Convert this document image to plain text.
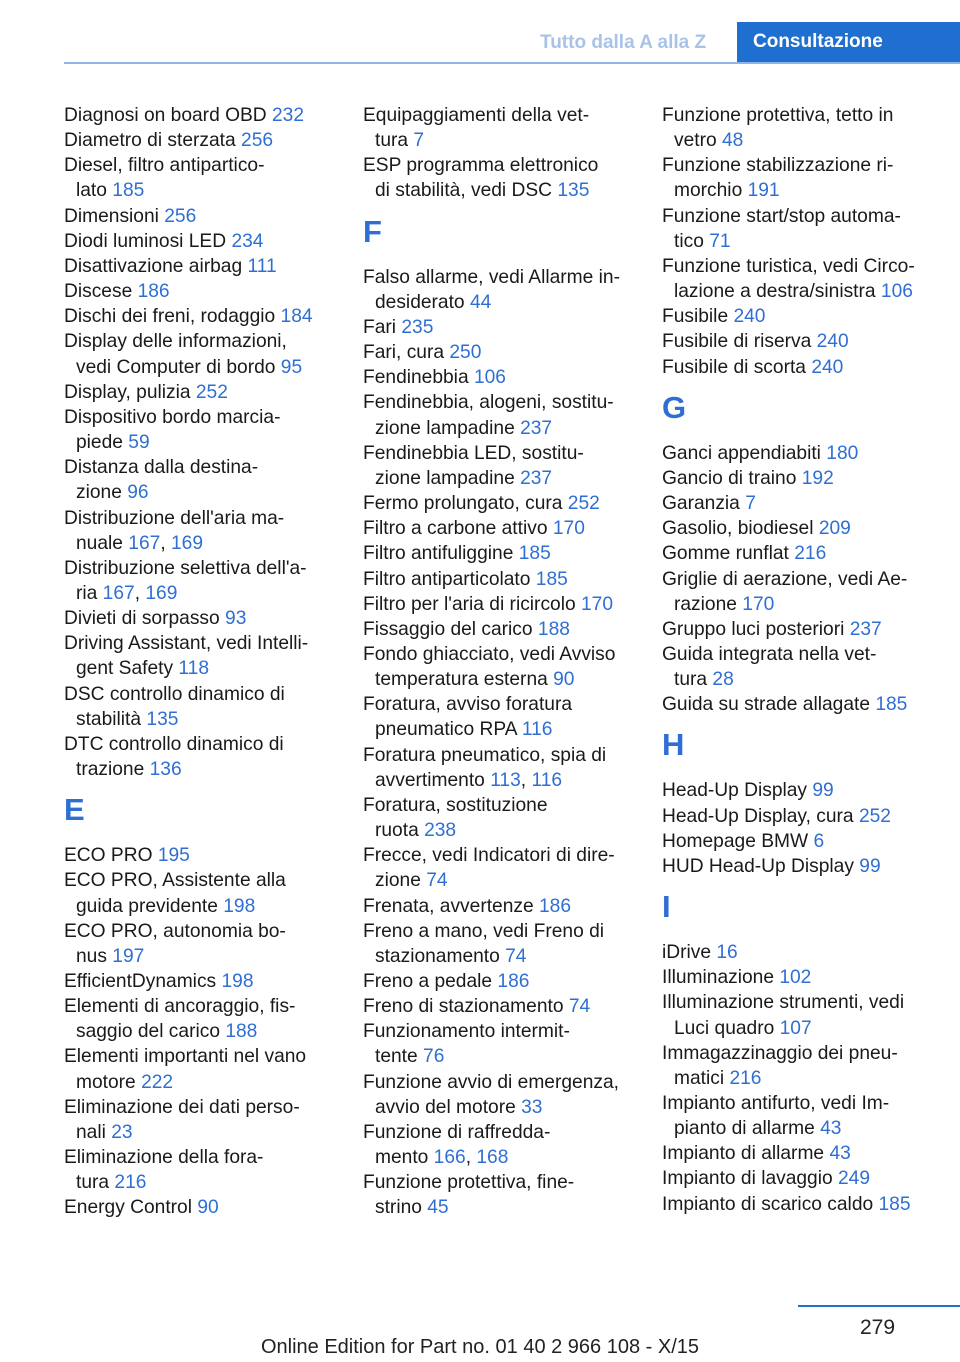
Tutto dalla A alla Z	Consultazione
Diagnosi on board OBD 232
Diametro di sterzata 256
Diesel, filtro antipartico-
lato 185
Dimensioni 256
Diodi luminosi LED 234
Disattivazione airbag 111
Discese 186
Dischi dei freni, rodaggio 184
Display delle informazioni,
vedi Computer di bordo 95
Display, pulizia 252
Dispositivo bordo marcia-
piede 59
Distanza dalla destina-
zione 96
Distribuzione dell'aria ma-
nuale 167, 169
Distribuzione selettiva dell'a-
ria 167, 169
Divieti di sorpasso 93
Driving Assistant, vedi Intelli-
gent Safety 118
DSC controllo dinamico di
stabilità 135
DTC controllo dinamico di
trazione 136
E
ECO PRO 195
ECO PRO, Assistente alla
guida previdente 198
ECO PRO, autonomia bo-
nus 197
EfficientDynamics 198
Elementi di ancoraggio, fis-
saggio del carico 188
Elementi importanti nel vano
motore 222
Eliminazione dei dati perso-
nali 23
Eliminazione della fora-
tura 216
Energy Control 90
Equipaggiamenti della vet-
tura 7
ESP programma elettronico
di stabilità, vedi DSC 135
F
Falso allarme, vedi Allarme in-
desiderato 44
Fari 235
Fari, cura 250
Fendinebbia 106
Fendinebbia, alogeni, sostitu-
zione lampadine 237
Fendinebbia LED, sostitu-
zione lampadine 237
Fermo prolungato, cura 252
Filtro a carbone attivo 170
Filtro antifuliggine 185
Filtro antiparticolato 185
Filtro per l'aria di ricircolo 170
Fissaggio del carico 188
Fondo ghiacciato, vedi Avviso
temperatura esterna 90
Foratura, avviso foratura
pneumatico RPA 116
Foratura pneumatico, spia di
avvertimento 113, 116
Foratura, sostituzione
ruota 238
Frecce, vedi Indicatori di dire-
zione 74
Frenata, avvertenze 186
Freno a mano, vedi Freno di
stazionamento 74
Freno a pedale 186
Freno di stazionamento 74
Funzionamento intermit-
tente 76
Funzione avvio di emergenza,
avvio del motore 33
Funzione di raffredda-
mento 166, 168
Funzione protettiva, fine-
strino 45
Funzione protettiva, tetto in
vetro 48
Funzione stabilizzazione ri-
morchio 191
Funzione start/stop automa-
tico 71
Funzione turistica, vedi Circo-
lazione a destra/sinistra 106
Fusibile 240
Fusibile di riserva 240
Fusibile di scorta 240
G
Ganci appendiabiti 180
Gancio di traino 192
Garanzia 7
Gasolio, biodiesel 209
Gomme runflat 216
Griglie di aerazione, vedi Ae-
razione 170
Gruppo luci posteriori 237
Guida integrata nella vet-
tura 28
Guida su strade allagate 185
H
Head-Up Display 99
Head-Up Display, cura 252
Homepage BMW 6
HUD Head-Up Display 99
I
iDrive 16
Illuminazione 102
Illuminazione strumenti, vedi
Luci quadro 107
Immagazzinaggio dei pneu-
matici 216
Impianto antifurto, vedi Im-
pianto di allarme 43
Impianto di allarme 43
Impianto di lavaggio 249
Impianto di scarico caldo 185
279
Online Edition for Part no. 01 40 2 966 108 - X/15
